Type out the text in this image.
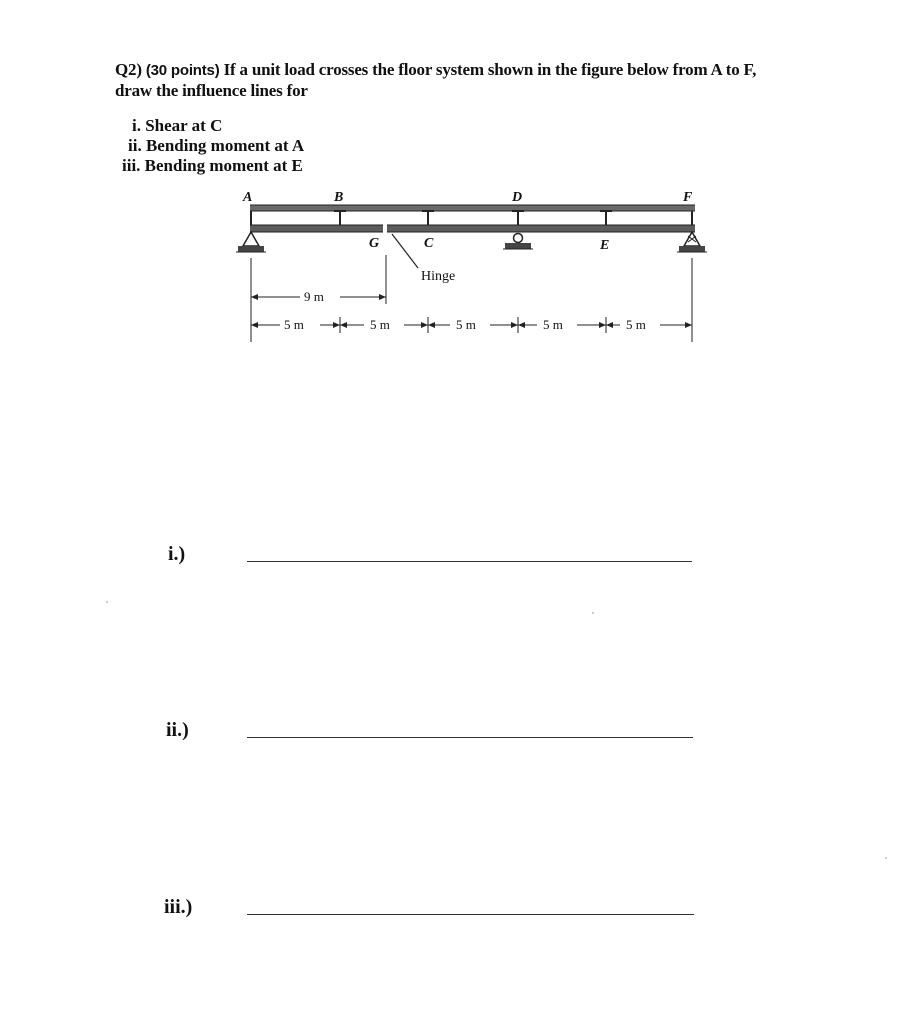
Q2) (30 points) If a unit load crosses the floor system shown in the figure below from A to F,
draw the influence lines for
i. Shear at C
ii. Bending moment at A
iii. Bending moment at E
A	B	D	F
G	C	E
Hinge
9 m
5 m	5 m	5 m	5 m	5 m
i.)
ii.)
iii.)
